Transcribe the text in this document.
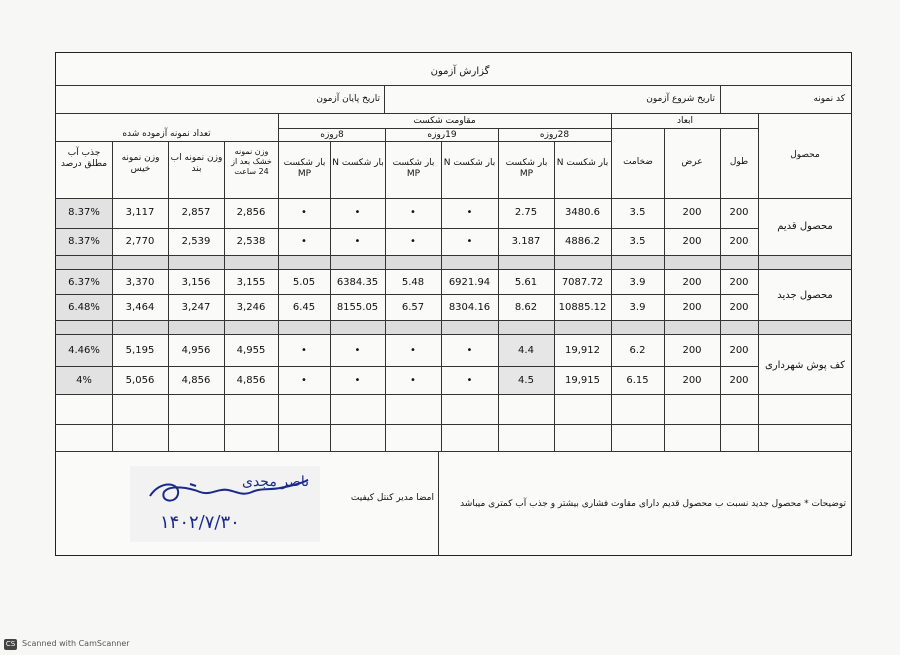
گزارش آزمون
کد نمونه
تاریخ شروع آزمون
تاریخ پایان آزمون
محصول
ابعاد
طول
عرض
ضخامت
مقاومت شکست
28روزه
19روزه
8روزه
بار شکست N
بار شکست MP
بار شکست N
بار شکست MP
بار شکست N
بار شکست MP
تعداد نمونه آزموده شده
وزن نمونه خشک بعد از 24 ساعت
وزن نمونه اب بند
وزن نمونه خیس
جذب آب مطلق درصد
محصول قدیم
محصول جدید
کف پوش شهرداری
200
200
3.5
3480.6
2.75
•
•
•
•
2,856
2,857
3,117
8.37%
200
200
3.5
4886.2
3.187
•
•
•
•
2,538
2,539
2,770
8.37%
200
200
3.9
7087.72
5.61
6921.94
5.48
6384.35
5.05
3,155
3,156
3,370
6.37%
200
200
3.9
10885.12
8.62
8304.16
6.57
8155.05
6.45
3,246
3,247
3,464
6.48%
200
200
6.2
19,912
4.4
•
•
•
•
4,955
4,956
5,195
4.46%
200
200
6.15
19,915
4.5
•
•
•
•
4,856
4,856
5,056
4%
توضیحات * محصول جدید نسبت ب محصول قدیم دارای مقاوت فشاری بیشتر و جذب آب کمتری میباشد
امضا مدیر کنتل کیفیت
ناصر مجدی
۱۴۰۲/۷/۳۰
CS Scanned with CamScanner
